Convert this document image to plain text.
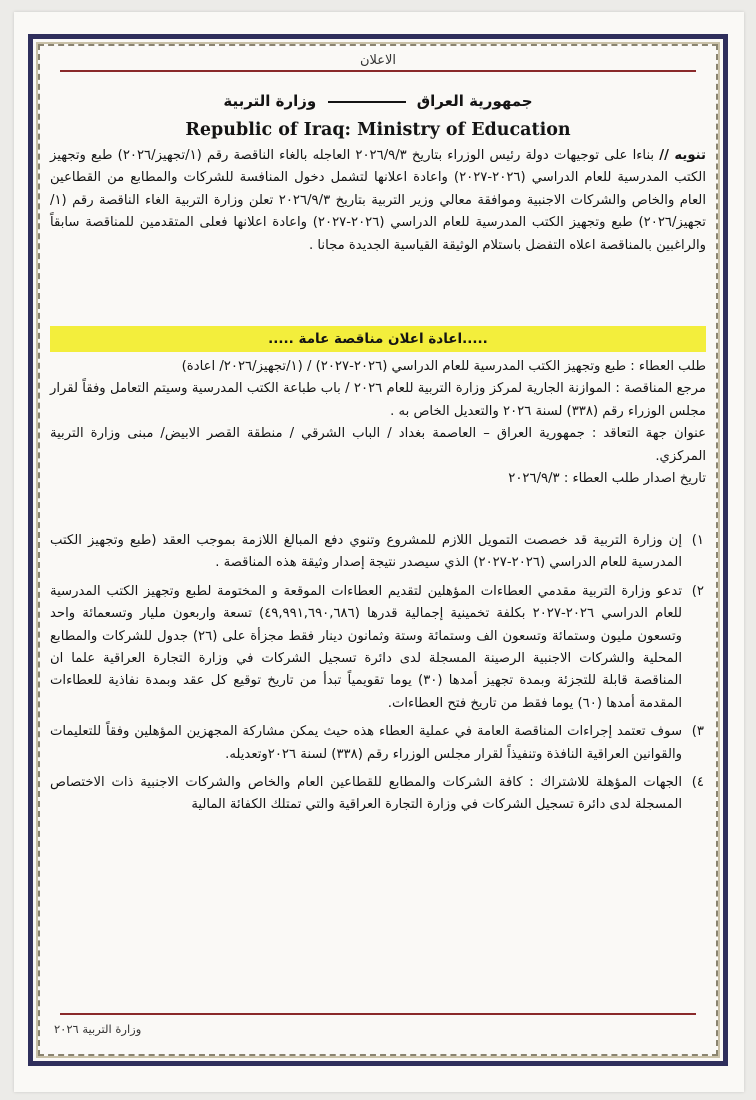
الاعلان
جمهورية العراق  وزارة التربية
Republic of Iraq: Ministry of Education
تنويه // بناءا على توجيهات دولة رئيس الوزراء بتاريخ ٢٠٢٦/٩/٣ العاجله بالغاء الناقصة رقم (١/تجهيز/٢٠٢٦) طبع وتجهيز الكتب المدرسية للعام الدراسي (٢٠٢٦-٢٠٢٧) واعادة اعلانها لتشمل دخول المنافسة للشركات والمطابع من القطاعين العام والخاص والشركات الاجنبية وموافقة معالي وزير التربية بتاريخ ٢٠٢٦/٩/٣ تعلن وزارة التربية الغاء الناقصة رقم (١/تجهيز/٢٠٢٦) طبع وتجهيز الكتب المدرسية للعام الدراسي (٢٠٢٦-٢٠٢٧) واعادة اعلانها فعلى المتقدمين للمناقصة سابقاً والراغبين بالمناقصة اعلاه التفضل باستلام الوثيقة القياسية الجديدة مجانا .
.....اعادة اعلان مناقصة عامة .....
طلب العطاء : طبع وتجهيز الكتب المدرسية للعام الدراسي (٢٠٢٦-٢٠٢٧) / (١/تجهيز/٢٠٢٦/ اعادة)
مرجع المناقصة : الموازنة الجارية لمركز وزارة التربية للعام ٢٠٢٦ / باب طباعة الكتب المدرسية وسيتم التعامل وفقاً لقرار مجلس الوزراء رقم (٣٣٨) لسنة ٢٠٢٦ والتعديل الخاص به .
عنوان جهة التعاقد : جمهورية العراق – العاصمة بغداد / الباب الشرقي / منطقة القصر الابيض/ مبنى وزارة التربية المركزي.
تاريخ اصدار طلب العطاء : ٢٠٢٦/٩/٣
١)
إن وزارة التربية قد خصصت التمويل اللازم للمشروع وتنوي دفع المبالغ اللازمة بموجب العقد (طبع وتجهيز الكتب المدرسية للعام الدراسي (٢٠٢٦-٢٠٢٧) الذي سيصدر نتيجة إصدار وثيقة هذه المناقصة .
٢)
تدعو وزارة التربية مقدمي العطاءات المؤهلين لتقديم العطاءات الموقعة و المختومة لطبع وتجهيز الكتب المدرسية للعام الدراسي ٢٠٢٦-٢٠٢٧ بكلفة تخمينية إجمالية قدرها (٤٩,٩٩١,٦٩٠,٦٨٦) تسعة واربعون مليار وتسعمائة واحد وتسعون مليون وستمائة وتسعون الف وستمائة وستة وثمانون دينار فقط مجزأة على (٢٦) جدول للشركات والمطابع المحلية والشركات الاجنبية الرصينة المسجلة لدى دائرة تسجيل الشركات في وزارة التجارة العراقية علما ان المناقصة قابلة للتجزئة وبمدة تجهيز أمدها (٣٠) يوما تقويمياً تبدأ من تاريخ توقيع كل عقد وبمدة نفاذية للعطاءات المقدمة أمدها (٦٠) يوما فقط من تاريخ فتح العطاءات.
٣)
سوف تعتمد إجراءات المناقصة العامة في عملية العطاء هذه حيث يمكن مشاركة المجهزين المؤهلين وفقاً للتعليمات والقوانين العراقية النافذة وتنفيذاً لقرار مجلس الوزراء رقم (٣٣٨) لسنة ٢٠٢٦وتعديله.
٤)
الجهات المؤهلة للاشتراك : كافة الشركات والمطابع للقطاعين العام والخاص والشركات الاجنبية ذات الاختصاص المسجلة لدى دائرة تسجيل الشركات في وزارة التجارة العراقية والتي تمتلك الكفائة المالية
وزارة التربية ٢٠٢٦
